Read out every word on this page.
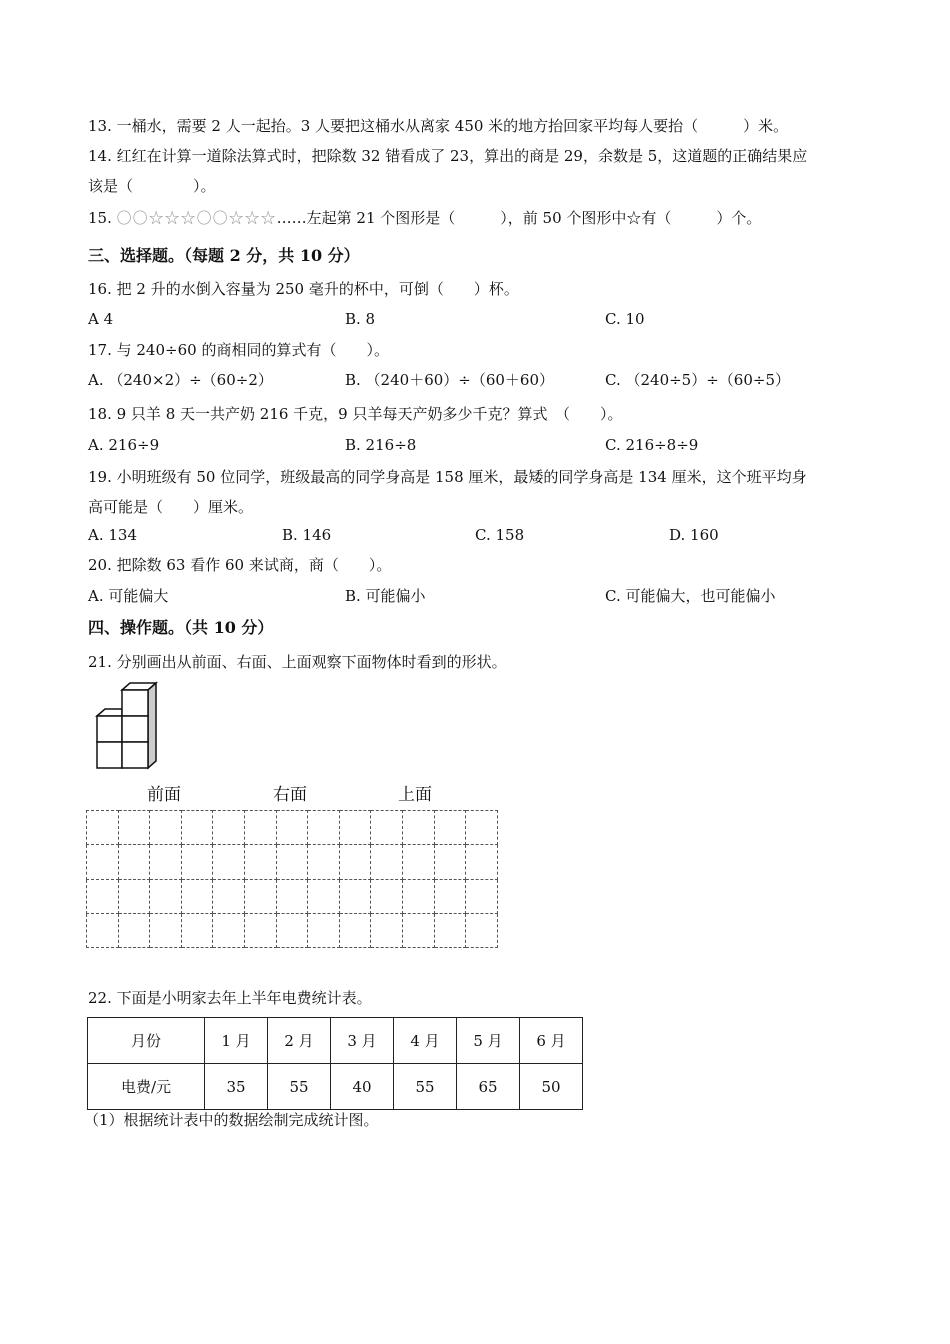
13. 一桶水，需要 2 人一起抬。3 人要把这桶水从离家 450 米的地方抬回家平均每人要抬（　　　）米。
14. 红红在计算一道除法算式时，把除数 32 错看成了 23，算出的商是 29，余数是 5，这道题的正确结果应
该是（　　　　）。
15. 〇〇☆☆☆〇〇☆☆☆……左起第 21 个图形是（　　　），前 50 个图形中☆有（　　　）个。
三、选择题。（每题 2 分，共 10 分）
16. 把 2 升的水倒入容量为 250 毫升的杯中，可倒（　　）杯。
A 4	B. 8	C. 10
17. 与 240÷60 的商相同的算式有（　　）。
A. （240×2）÷（60÷2）	B. （240＋60）÷（60＋60）	C. （240÷5）÷（60÷5）
18. 9 只羊 8 天一共产奶 216 千克，9 只羊每天产奶多少千克？算式　（　　）。
A. 216÷9	B. 216÷8	C. 216÷8÷9
19. 小明班级有 50 位同学，班级最高的同学身高是 158 厘米，最矮的同学身高是 134 厘米，这个班平均身
高可能是（　　）厘米。
A. 134	B. 146	C. 158	D. 160
20. 把除数 63 看作 60 来试商，商（　　）。
A. 可能偏大	B. 可能偏小	C. 可能偏大，也可能偏小
四、操作题。（共 10 分）
21. 分别画出从前面、右面、上面观察下面物体时看到的形状。
前面	右面	上面

22. 下面是小明家去年上半年电费统计表。
月份	1 月	2 月	3 月	4 月	5 月	6 月
电费/元	35	55	40	55	65	50
（1）根据统计表中的数据绘制完成统计图。
